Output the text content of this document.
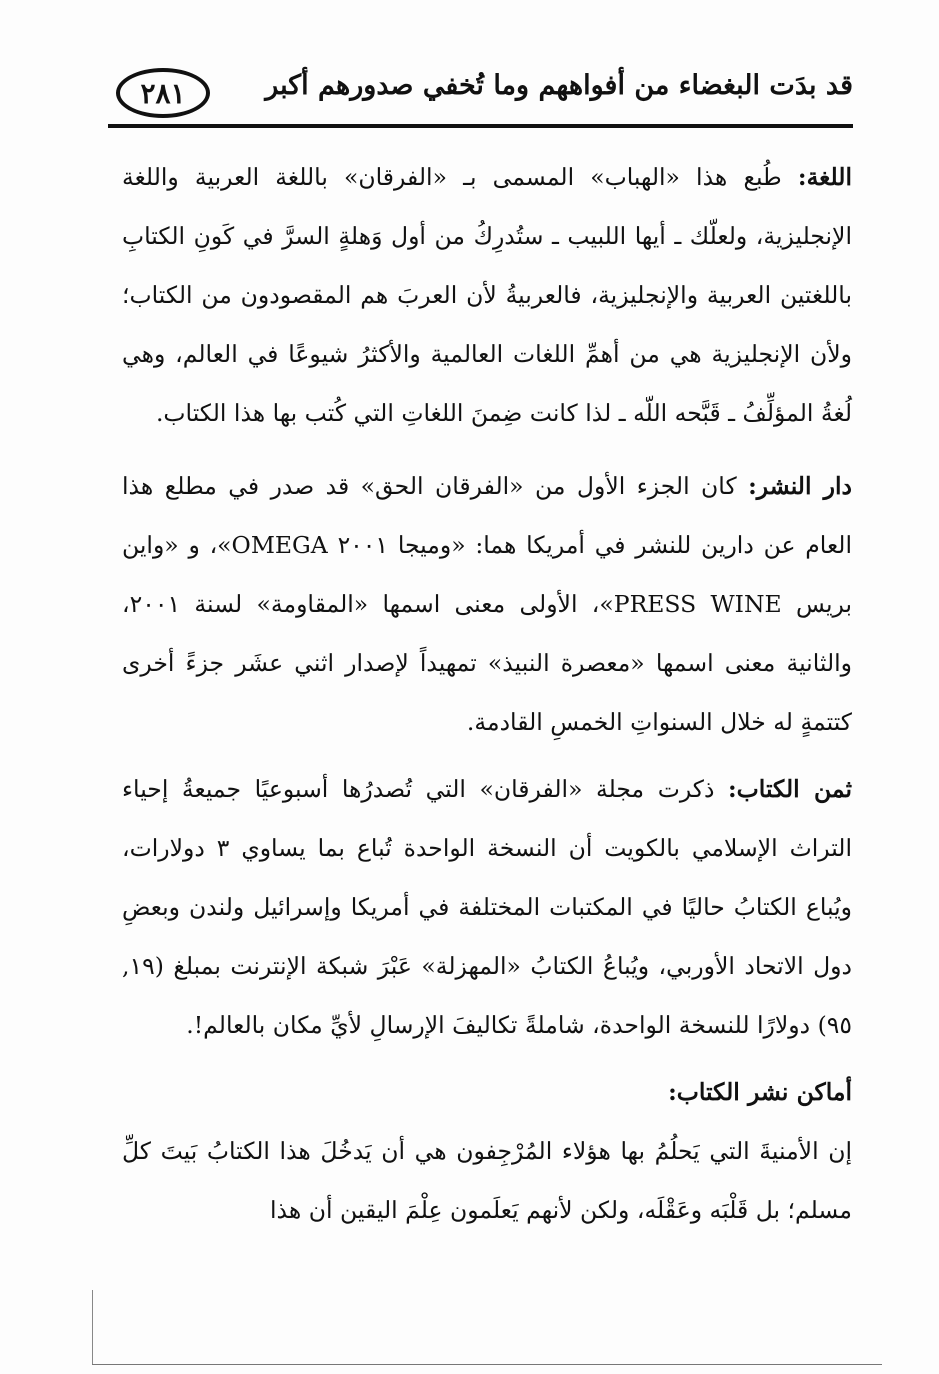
قد بدَت البغضاء من أفواههم وما تُخفي صدورهم أكبر
٢٨١

اللغة: طُبع هذا «الهباب» المسمى بـ «الفرقان» باللغة العربية واللغة الإنجليزية، ولعلّك ـ أيها اللبيب ـ ستُدرِكُ من أول وَهلةٍ السرَّ في كَونِ الكتابِ باللغتين العربية والإنجليزية، فالعربيةُ لأن العربَ هم المقصودون من الكتاب؛ ولأن الإنجليزية هي من أهمِّ اللغات العالمية والأكثرُ شيوعًا في العالم، وهي لُغةُ المؤلِّفُ ـ قَبَّحه اللّه ـ لذا كانت ضِمنَ اللغاتِ التي كُتب بها هذا الكتاب.

دار النشر: كان الجزء الأول من «الفرقان الحق» قد صدر في مطلع هذا العام عن دارين للنشر في أمريكا هما: «وميجا ٢٠٠١ OMEGA»، و «واين بريس PRESS WINE»، الأولى معنى اسمها «المقاومة» لسنة ٢٠٠١، والثانية معنى اسمها «معصرة النبيذ» تمهيداً لإصدار اثني عشَر جزءً أخرى كتتمةٍ له خلال السنواتِ الخمسِ القادمة.

ثمن الكتاب: ذكرت مجلة «الفرقان» التي تُصدرُها أسبوعيًا جميعةُ إحياء التراث الإسلامي بالكويت أن النسخة الواحدة تُباع بما يساوي ٣ دولارات، ويُباع الكتابُ حاليًا في المكتبات المختلفة في أمريكا وإسرائيل ولندن وبعضِ دول الاتحاد الأوربي، ويُباعُ الكتابُ «المهزلة» عَبْرَ شبكة الإنترنت بمبلغ (١٩, ٩٥) دولارًا للنسخة الواحدة، شاملةً تكاليفَ الإرسالِ لأيِّ مكان بالعالم!.

أماكن نشر الكتاب:

إن الأمنيةَ التي يَحلُمُ بها هؤلاء المُرْجِفون هي أن يَدخُلَ هذا الكتابُ بَيتَ كلِّ مسلم؛ بل قَلْبَه وعَقْلَه، ولكن لأنهم يَعلَمون عِلْمَ اليقين أن هذا
